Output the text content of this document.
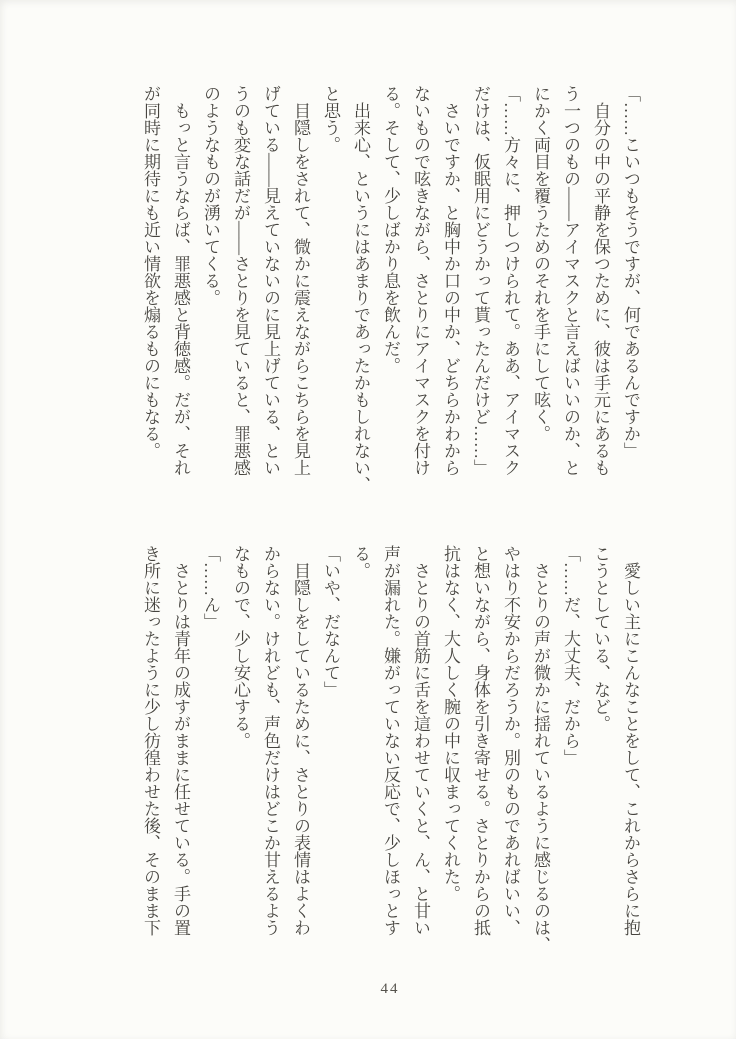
「……こいつもそうですが、何であるんですか」
　自分の中の平静を保つために、彼は手元にあるも
う一つのもの――アイマスクと言えばいいのか、と
にかく両目を覆うためのそれを手にして呟く。
「……方々に、押しつけられて。ああ、アイマスク
だけは、仮眠用にどうかって貰ったんだけど……」
　さいですか、と胸中か口の中か、どちらかわから
ないもので呟きながら、さとりにアイマスクを付け
る。そして、少しばかり息を飲んだ。
　出来心、というにはあまりであったかもしれない、
と思う。
　目隠しをされて、微かに震えながらこちらを見上
げている――見えていないのに見上げている、とい
うのも変な話だが――さとりを見ていると、罪悪感
のようなものが湧いてくる。
　もっと言うならば、罪悪感と背徳感。だが、それ
が同時に期待にも近い情欲を煽るものにもなる。
　愛しい主にこんなことをして、これからさらに抱
こうとしている、など。
「……だ、大丈夫、だから」
　さとりの声が微かに揺れているように感じるのは、
やはり不安からだろうか。別のものであればいい、
と想いながら、身体を引き寄せる。さとりからの抵
抗はなく、大人しく腕の中に収まってくれた。
　さとりの首筋に舌を這わせていくと、ん、と甘い
声が漏れた。嫌がっていない反応で、少しほっとす
る。
「いや、だなんて」
　目隠しをしているために、さとりの表情はよくわ
からない。けれども、声色だけはどこか甘えるよう
なもので、少し安心する。
「……ん」
　さとりは青年の成すがままに任せている。手の置
き所に迷ったように少し彷徨わせた後、そのまま下
44
